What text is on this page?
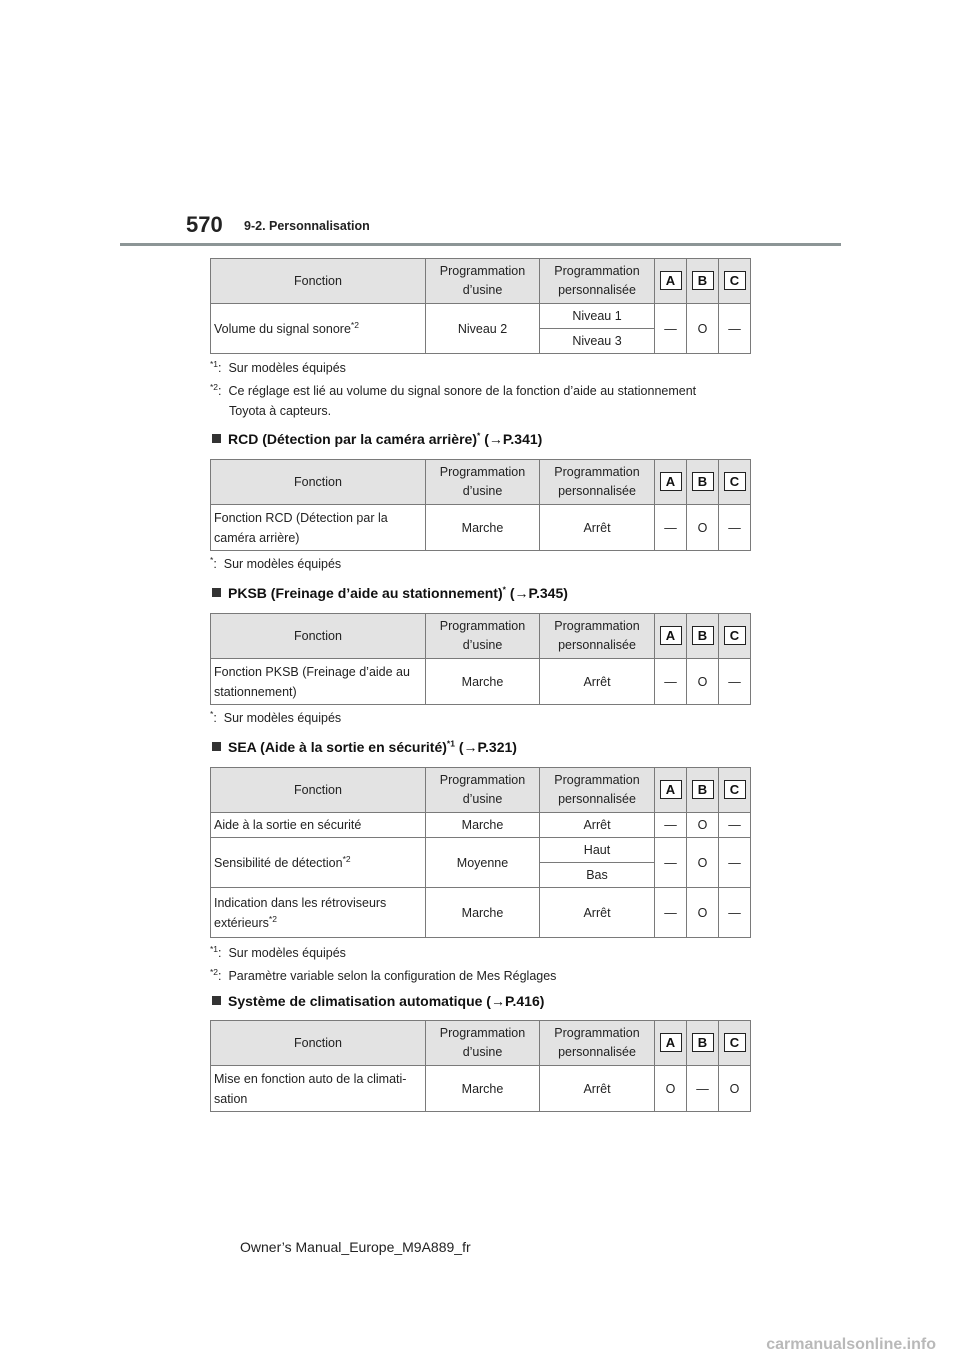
570 9-2. Personnalisation
Fonction	Programmation d’usine	Programmation personnalisée	A	B	C
Volume du signal sonore$^{*2}$	Niveau 2	Niveau 1	—	O	—
		Niveau 3			
$^{*1}$:  Sur modèles équipés
$^{*2}$:  Ce réglage est lié au volume du signal sonore de la fonction d’aide au stationnement
Toyota à capteurs.
RCD (Détection par la caméra arrière)* (→P.341)
Fonction	Programmation d’usine	Programmation personnalisée	A	B	C
Fonction RCD (Détection par la
caméra arrière)	Marche	Arrêt	—	O	—
*:  Sur modèles équipés
PKSB (Freinage d’aide au stationnement)* (→P.345)
Fonction	Programmation d’usine	Programmation personnalisée	A	B	C
Fonction PKSB (Freinage d’aide au
stationnement)	Marche	Arrêt	—	O	—
*:  Sur modèles équipés
SEA (Aide à la sortie en sécurité)$^{*1}$ (→P.321)
Fonction	Programmation d’usine	Programmation personnalisée	A	B	C
Aide à la sortie en sécurité	Marche	Arrêt	—	O	—
Sensibilité de détection$^{*2}$	Moyenne	Haut	—	O	—
		Bas			
Indication dans les rétroviseurs
extérieurs$^{*2}$	Marche	Arrêt	—	O	—
$^{*1}$:  Sur modèles équipés
$^{*2}$:  Paramètre variable selon la configuration de Mes Réglages
Système de climatisation automatique (→P.416)
Fonction	Programmation d’usine	Programmation personnalisée	A	B	C
Mise en fonction auto de la climati-
sation	Marche	Arrêt	O	—	O
Owner’s Manual_Europe_M9A889_fr
carmanualsonline.info
